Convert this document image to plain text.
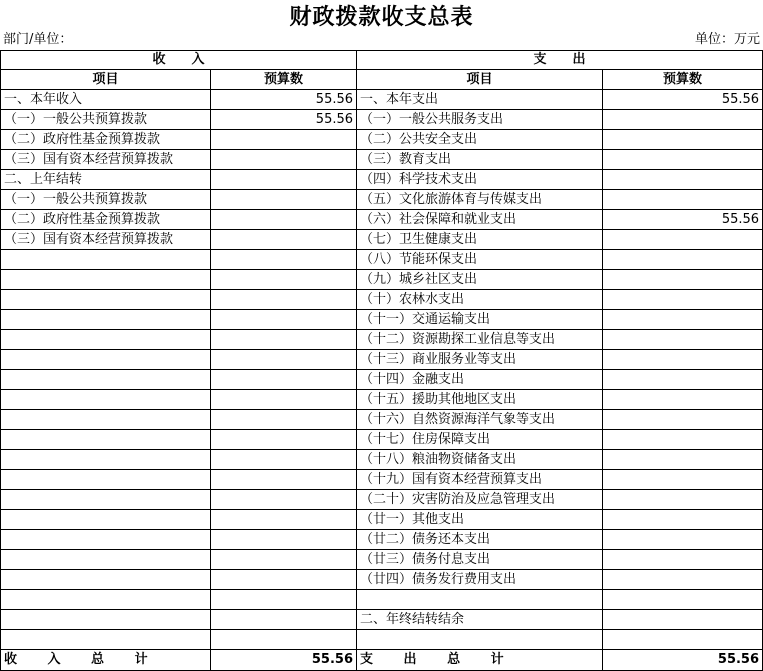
财政拨款收支总表
部门/单位：	单位：万元
收　　入		支　　出	
项目	预算数	项目	预算数
一、本年收入	55.56	一、本年支出	55.56
（一）一般公共预算拨款	55.56	（一）一般公共服务支出	
（二）政府性基金预算拨款		（二）公共安全支出	
（三）国有资本经营预算拨款		（三）教育支出	
二、上年结转		（四）科学技术支出	
（一）一般公共预算拨款		（五）文化旅游体育与传媒支出	
（二）政府性基金预算拨款		（六）社会保障和就业支出	55.56
（三）国有资本经营预算拨款		（七）卫生健康支出	
		（八）节能环保支出	
		（九）城乡社区支出	
		（十）农林水支出	
		（十一）交通运输支出	
		（十二）资源勘探工业信息等支出	
		（十三）商业服务业等支出	
		（十四）金融支出	
		（十五）援助其他地区支出	
		（十六）自然资源海洋气象等支出	
		（十七）住房保障支出	
		（十八）粮油物资储备支出	
		（十九）国有资本经营预算支出	
		（二十）灾害防治及应急管理支出	
		（廿一）其他支出	
		（廿二）债务还本支出	
		（廿三）债务付息支出	
		（廿四）债务发行费用支出	

		二、年终结转结余	

收 入 总 计	55.56	支 出 总 计	55.56
